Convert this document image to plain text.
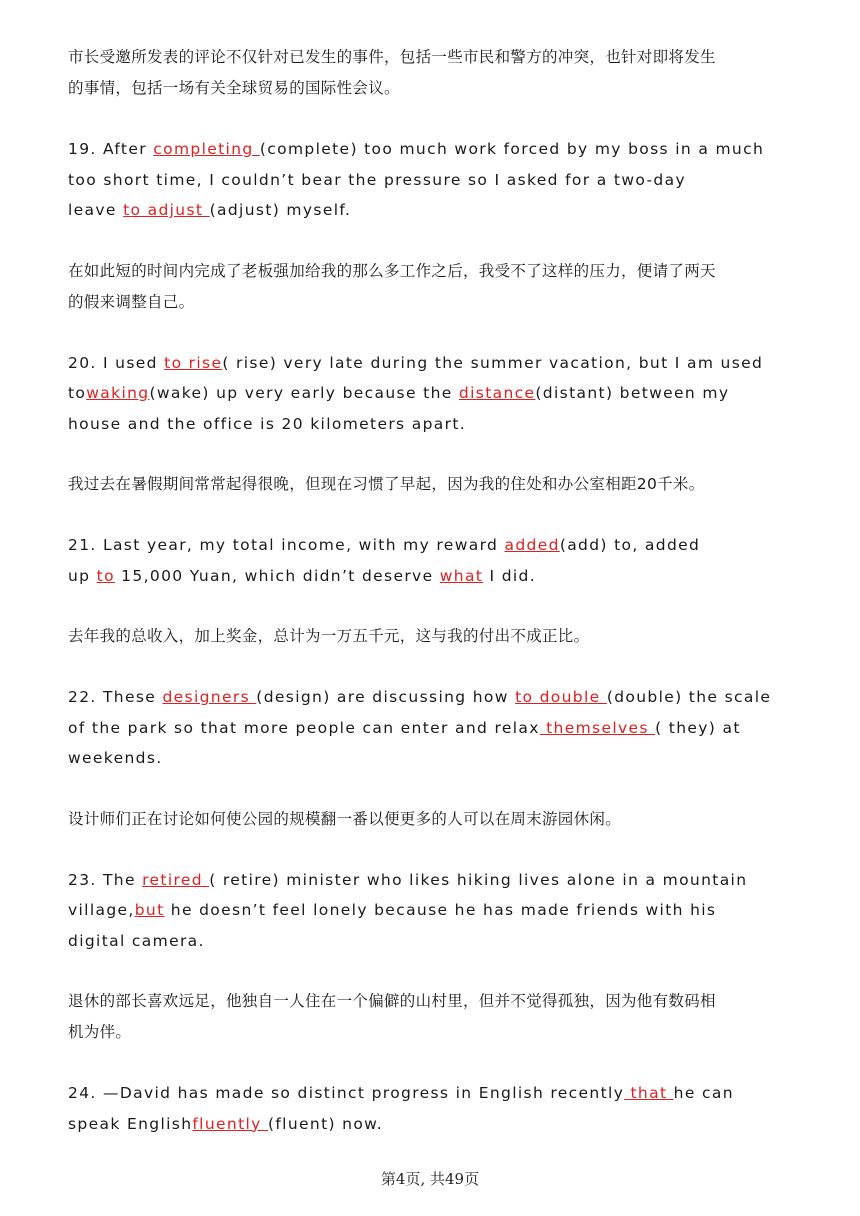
市长受邀所发表的评论不仅针对已发生的事件，包括一些市民和警方的冲突，也针对即将发生

的事情，包括一场有关全球贸易的国际性会议。

19. After completing (complete) too much work forced by my boss in a much

too short time, I couldn’t bear the pressure so I asked for a two-day

leave to adjust (adjust) myself.

在如此短的时间内完成了老板强加给我的那么多工作之后，我受不了这样的压力，便请了两天

的假来调整自己。

20. I used to rise( rise) very late during the summer vacation, but I am used

towaking(wake) up very early because the distance(distant) between my

house and the office is 20 kilometers apart.

我过去在暑假期间常常起得很晚，但现在习惯了早起，因为我的住处和办公室相距20千米。

21. Last year, my total income, with my reward added(add) to, added

up to 15,000 Yuan, which didn’t deserve what I did.

去年我的总收入，加上奖金，总计为一万五千元，这与我的付出不成正比。

22. These designers (design) are discussing how to double (double) the scale

of the park so that more people can enter and relax themselves ( they) at

weekends.

设计师们正在讨论如何使公园的规模翻一番以便更多的人可以在周末游园休闲。

23. The retired ( retire) minister who likes hiking lives alone in a mountain

village,but he doesn’t feel lonely because he has made friends with his

digital camera.

退休的部长喜欢远足，他独自一人住在一个偏僻的山村里，但并不觉得孤独，因为他有数码相

机为伴。

24. —David has made so distinct progress in English recently that he can

speak Englishfluently (fluent) now.

第4页, 共49页
